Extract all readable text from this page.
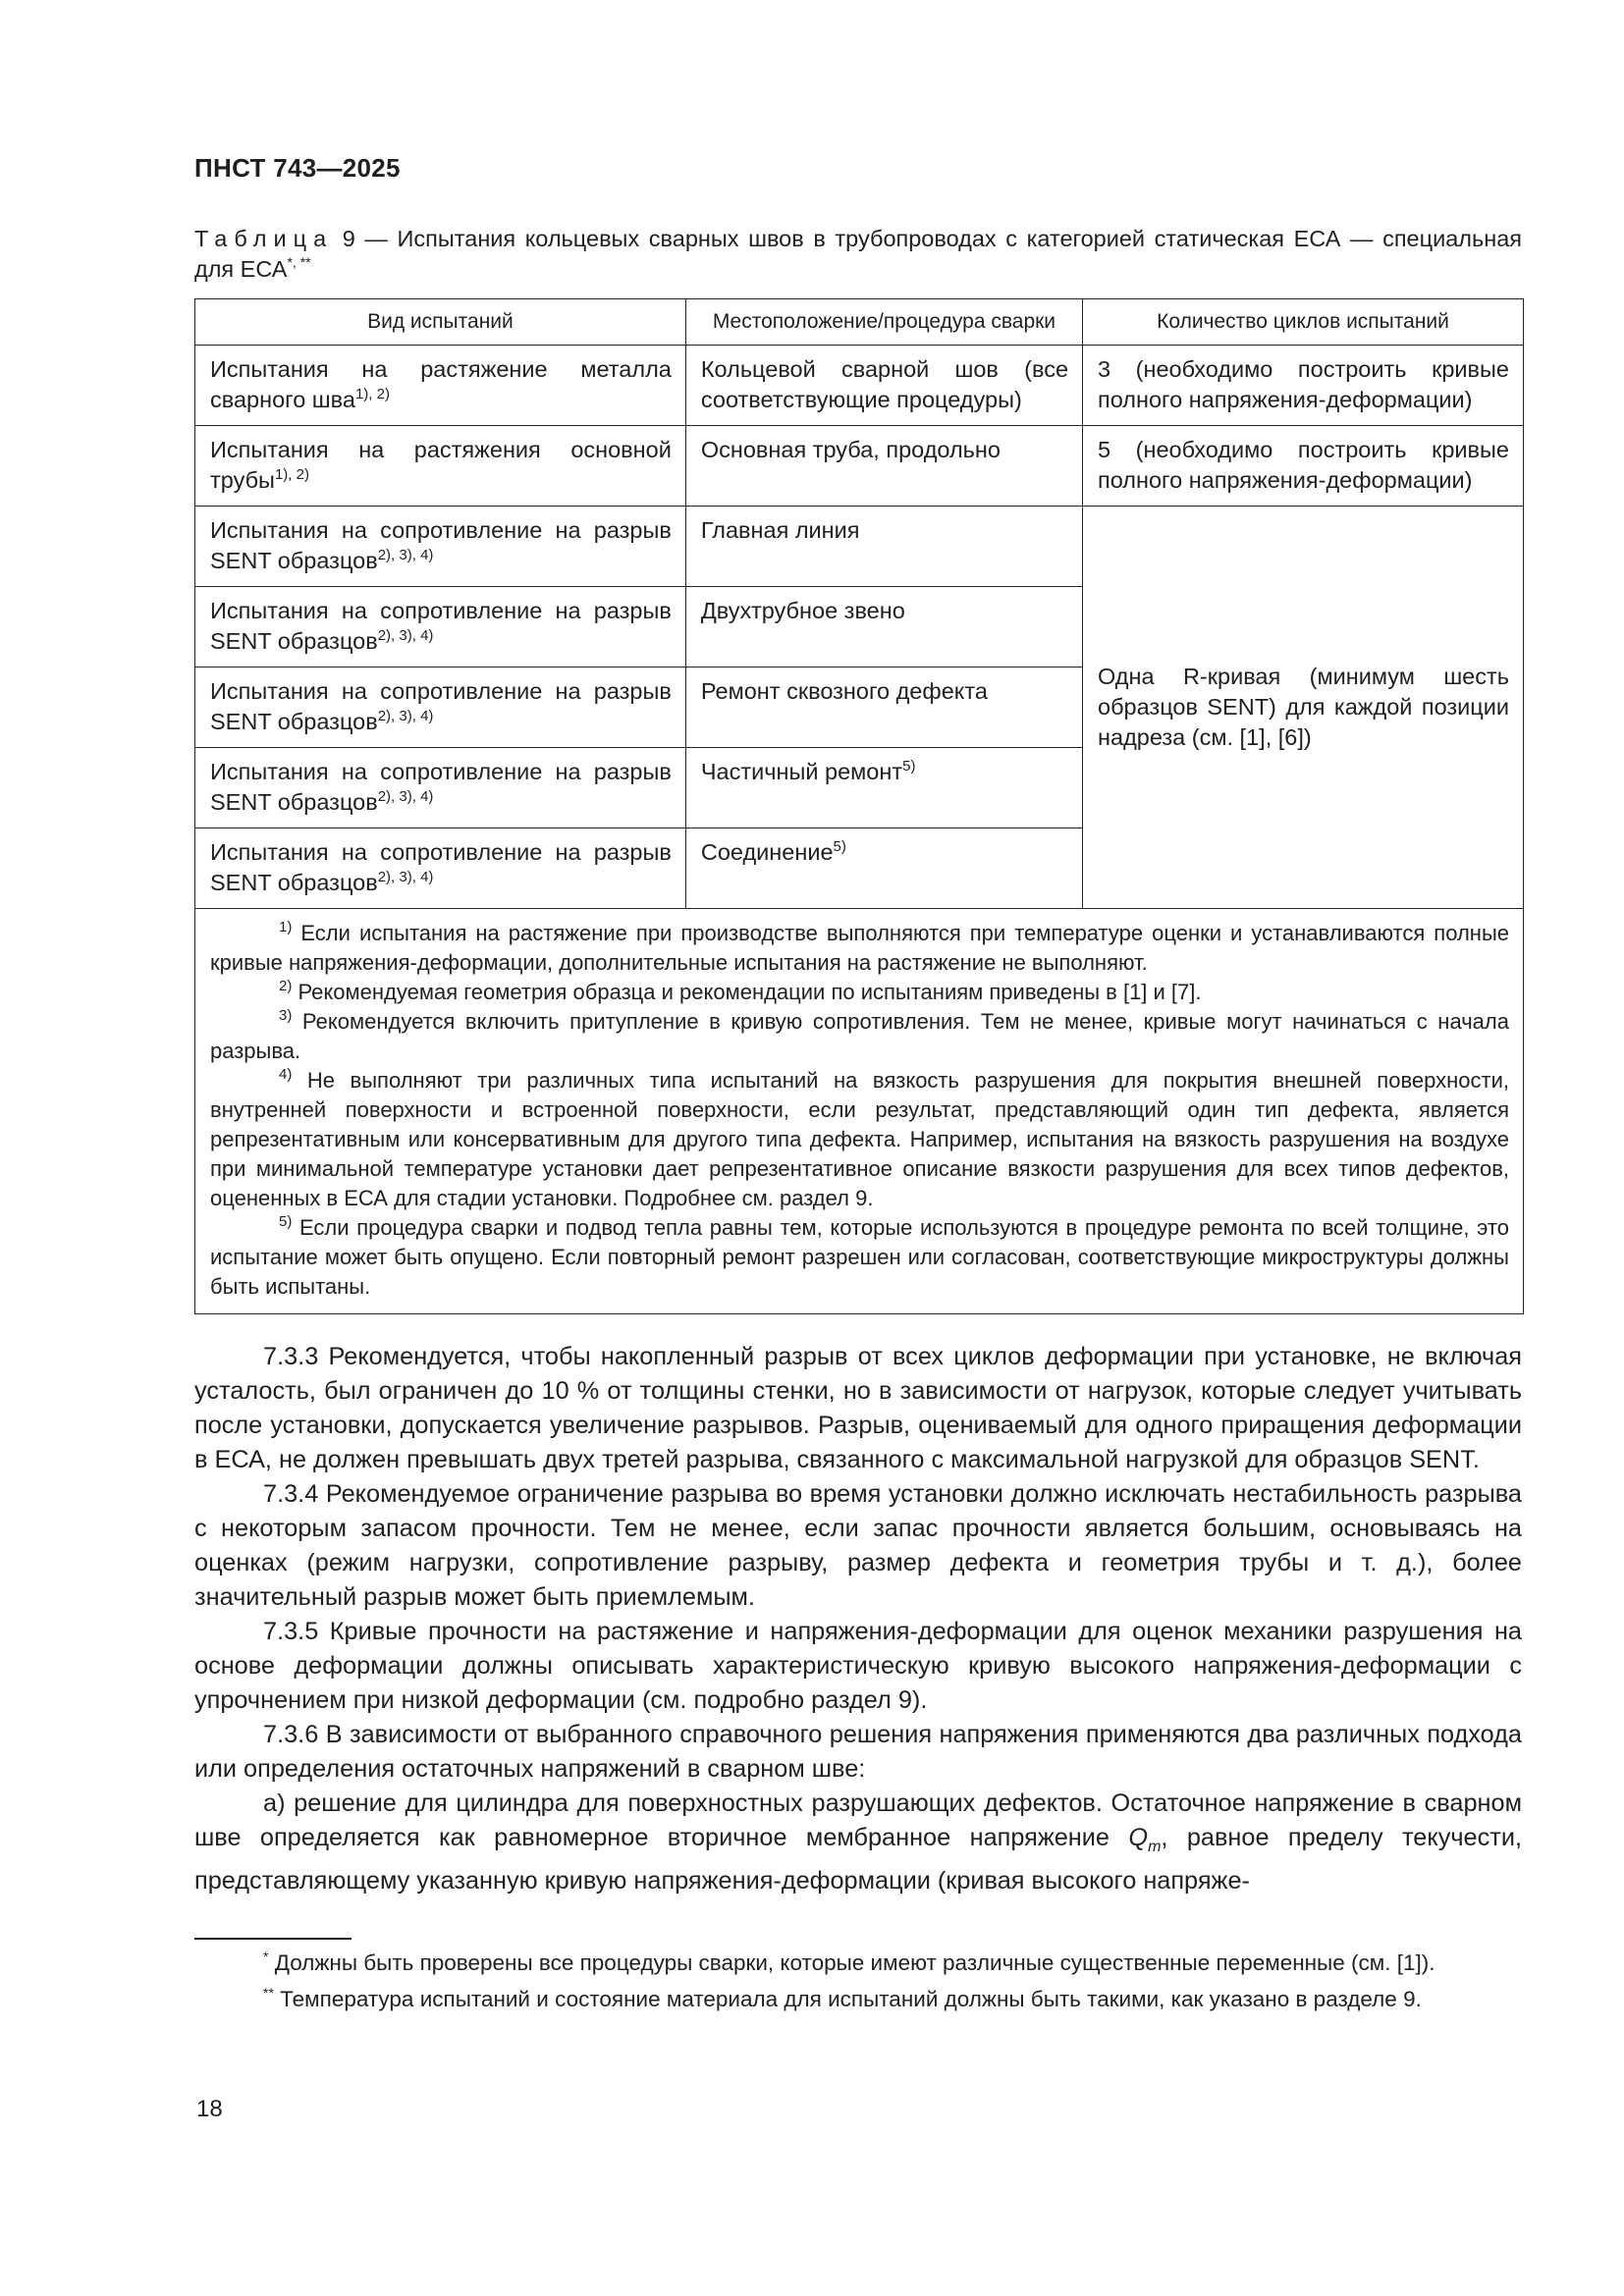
ПНСТ 743—2025
Таблица 9 — Испытания кольцевых сварных швов в трубопроводах с категорией статическая ЕСА — специальная для ЕСА*, **
Вид испытаний	Местоположение/процедура сварки	Количество циклов испытаний
Испытания на растяжение металла сварного шва$^{1), 2)}$	Кольцевой сварной шов (все соответствующие процедуры)	3 (необходимо построить кривые полного напряжения-деформации)
Испытания на растяжения основной трубы$^{1), 2)}$	Основная труба, продольно	5 (необходимо построить кривые полного напряжения-деформации)
Испытания на сопротивление на разрыв SENT образцов$^{2), 3), 4)}$	Главная линия	Одна R-кривая (минимум шесть образцов SENT) для каждой позиции надреза (см. [1], [6])
Испытания на сопротивление на разрыв SENT образцов$^{2), 3), 4)}$	Двухтрубное звено	
Испытания на сопротивление на разрыв SENT образцов$^{2), 3), 4)}$	Ремонт сквозного дефекта	
Испытания на сопротивление на разрыв SENT образцов$^{2), 3), 4)}$	Частичный ремонт$^{5)}$
Испытания на сопротивление на разрыв SENT образцов$^{2), 3), 4)}$	Соединение$^{5)}$

$^{1)}$ Если испытания на растяжение при производстве выполняются при температуре оценки и устанавливаются полные кривые напряжения-деформации, дополнительные испытания на растяжение не выполняют.
$^{2)}$ Рекомендуемая геометрия образца и рекомендации по испытаниям приведены в [1] и [7].
$^{3)}$ Рекомендуется включить притупление в кривую сопротивления. Тем не менее, кривые могут начинаться с начала разрыва.
$^{4)}$ Не выполняют три различных типа испытаний на вязкость разрушения для покрытия внешней поверхности, внутренней поверхности и встроенной поверхности, если результат, представляющий один тип дефекта, является репрезентативным или консервативным для другого типа дефекта. Например, испытания на вязкость разрушения на воздухе при минимальной температуре установки дает репрезентативное описание вязкости разрушения для всех типов дефектов, оцененных в ЕСА для стадии установки. Подробнее см. раздел 9.
$^{5)}$ Если процедура сварки и подвод тепла равны тем, которые используются в процедуре ремонта по всей толщине, это испытание может быть опущено. Если повторный ремонт разрешен или согласован, соответствующие микроструктуры должны быть испытаны.		

7.3.3 Рекомендуется, чтобы накопленный разрыв от всех циклов деформации при установке, не включая усталость, был ограничен до 10 % от толщины стенки, но в зависимости от нагрузок, которые следует учитывать после установки, допускается увеличение разрывов. Разрыв, оцениваемый для одного приращения деформации в ЕСА, не должен превышать двух третей разрыва, связанного с максимальной нагрузкой для образцов SENT.

7.3.4 Рекомендуемое ограничение разрыва во время установки должно исключать нестабильность разрыва с некоторым запасом прочности. Тем не менее, если запас прочности является большим, основываясь на оценках (режим нагрузки, сопротивление разрыву, размер дефекта и геометрия трубы и т. д.), более значительный разрыв может быть приемлемым.

7.3.5 Кривые прочности на растяжение и напряжения-деформации для оценок механики разрушения на основе деформации должны описывать характеристическую кривую высокого напряжения-деформации с упрочнением при низкой деформации (см. подробно раздел 9).

7.3.6 В зависимости от выбранного справочного решения напряжения применяются два различных подхода или определения остаточных напряжений в сварном шве:

а) решение для цилиндра для поверхностных разрушающих дефектов. Остаточное напряжение в сварном шве определяется как равномерное вторичное мембранное напряжение $Q_m$, равное пределу текучести, представляющему указанную кривую напряжения-деформации (кривая высокого напряже-

* Должны быть проверены все процедуры сварки, которые имеют различные существенные переменные (см. [1]).

** Температура испытаний и состояние материала для испытаний должны быть такими, как указано в разделе 9.

18
